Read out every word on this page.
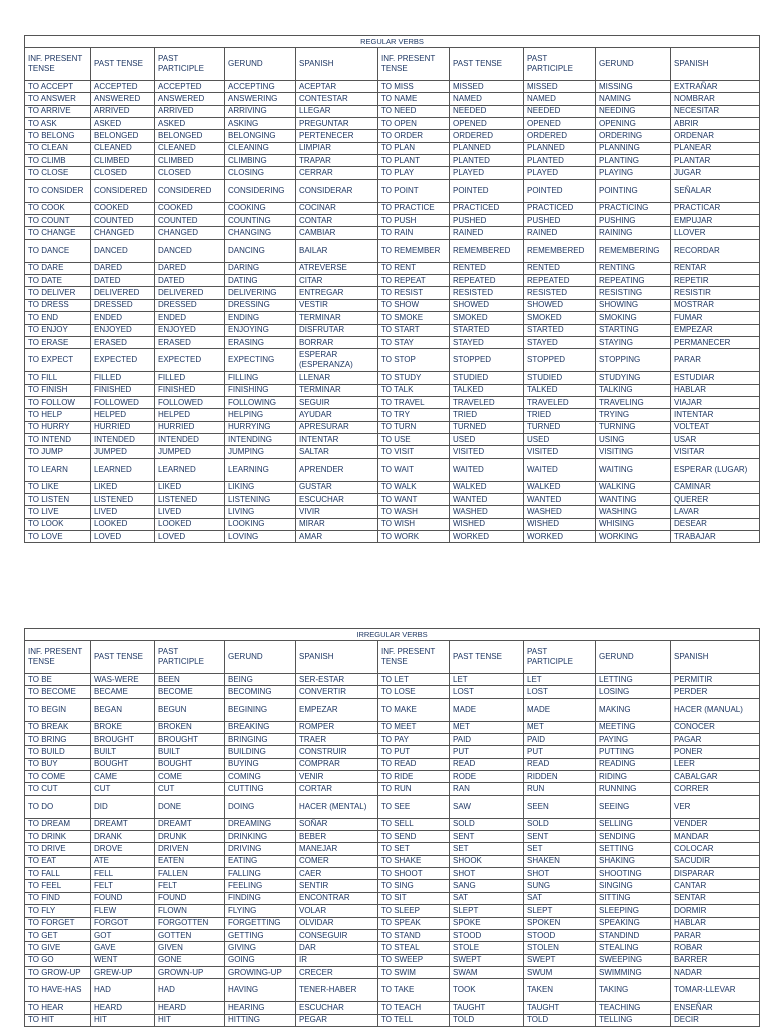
REGULAR VERBS									
INF. PRESENT TENSE	PAST TENSE	PAST PARTICIPLE	GERUND	SPANISH	INF. PRESENT TENSE	PAST TENSE	PAST PARTICIPLE	GERUND	SPANISH
TO ACCEPT	ACCEPTED	ACCEPTED	ACCEPTING	ACEPTAR	TO MISS	MISSED	MISSED	MISSING	EXTRAÑAR
TO ANSWER	ANSWERED	ANSWERED	ANSWERING	CONTESTAR	TO NAME	NAMED	NAMED	NAMING	NOMBRAR
TO ARRIVE	ARRIVED	ARRIVED	ARRIVING	LLEGAR	TO NEED	NEEDED	NEEDED	NEEDING	NECESITAR
TO ASK	ASKED	ASKED	ASKING	PREGUNTAR	TO OPEN	OPENED	OPENED	OPENING	ABRIR
TO BELONG	BELONGED	BELONGED	BELONGING	PERTENECER	TO ORDER	ORDERED	ORDERED	ORDERING	ORDENAR
TO CLEAN	CLEANED	CLEANED	CLEANING	LIMPIAR	TO PLAN	PLANNED	PLANNED	PLANNING	PLANEAR
TO CLIMB	CLIMBED	CLIMBED	CLIMBING	TRAPAR	TO PLANT	PLANTED	PLANTED	PLANTING	PLANTAR
TO CLOSE	CLOSED	CLOSED	CLOSING	CERRAR	TO PLAY	PLAYED	PLAYED	PLAYING	JUGAR
TO CONSIDER	CONSIDERED	CONSIDERED	CONSIDERING	CONSIDERAR	TO POINT	POINTED	POINTED	POINTING	SEÑALAR
TO COOK	COOKED	COOKED	COOKING	COCINAR	TO PRACTICE	PRACTICED	PRACTICED	PRACTICING	PRACTICAR
TO COUNT	COUNTED	COUNTED	COUNTING	CONTAR	TO PUSH	PUSHED	PUSHED	PUSHING	EMPUJAR
TO CHANGE	CHANGED	CHANGED	CHANGING	CAMBIAR	TO RAIN	RAINED	RAINED	RAINING	LLOVER
TO DANCE	DANCED	DANCED	DANCING	BAILAR	TO REMEMBER	REMEMBERED	REMEMBERED	REMEMBERING	RECORDAR
TO DARE	DARED	DARED	DARING	ATREVERSE	TO RENT	RENTED	RENTED	RENTING	RENTAR
TO DATE	DATED	DATED	DATING	CITAR	TO REPEAT	REPEATED	REPEATED	REPEATING	REPETIR
TO DELIVER	DELIVERED	DELIVERED	DELIVERING	ENTREGAR	TO RESIST	RESISTED	RESISTED	RESISTING	RESISTIR
TO DRESS	DRESSED	DRESSED	DRESSING	VESTIR	TO SHOW	SHOWED	SHOWED	SHOWING	MOSTRAR
TO END	ENDED	ENDED	ENDING	TERMINAR	TO SMOKE	SMOKED	SMOKED	SMOKING	FUMAR
TO ENJOY	ENJOYED	ENJOYED	ENJOYING	DISFRUTAR	TO START	STARTED	STARTED	STARTING	EMPEZAR
TO ERASE	ERASED	ERASED	ERASING	BORRAR	TO STAY	STAYED	STAYED	STAYING	PERMANECER
TO EXPECT	EXPECTED	EXPECTED	EXPECTING	ESPERAR (ESPERANZA)	TO STOP	STOPPED	STOPPED	STOPPING	PARAR
TO FILL	FILLED	FILLED	FILLING	LLENAR	TO STUDY	STUDIED	STUDIED	STUDYING	ESTUDIAR
TO FINISH	FINISHED	FINISHED	FINISHING	TERMINAR	TO TALK	TALKED	TALKED	TALKING	HABLAR
TO FOLLOW	FOLLOWED	FOLLOWED	FOLLOWING	SEGUIR	TO TRAVEL	TRAVELED	TRAVELED	TRAVELING	VIAJAR
TO HELP	HELPED	HELPED	HELPING	AYUDAR	TO TRY	TRIED	TRIED	TRYING	INTENTAR
TO HURRY	HURRIED	HURRIED	HURRYING	APRESURAR	TO TURN	TURNED	TURNED	TURNING	VOLTEAT
TO INTEND	INTENDED	INTENDED	INTENDING	INTENTAR	TO USE	USED	USED	USING	USAR
TO JUMP	JUMPED	JUMPED	JUMPING	SALTAR	TO VISIT	VISITED	VISITED	VISITING	VISITAR
TO LEARN	LEARNED	LEARNED	LEARNING	APRENDER	TO WAIT	WAITED	WAITED	WAITING	ESPERAR (LUGAR)
TO LIKE	LIKED	LIKED	LIKING	GUSTAR	TO WALK	WALKED	WALKED	WALKING	CAMINAR
TO LISTEN	LISTENED	LISTENED	LISTENING	ESCUCHAR	TO WANT	WANTED	WANTED	WANTING	QUERER
TO LIVE	LIVED	LIVED	LIVING	VIVIR	TO WASH	WASHED	WASHED	WASHING	LAVAR
TO LOOK	LOOKED	LOOKED	LOOKING	MIRAR	TO WISH	WISHED	WISHED	WHISING	DESEAR
TO LOVE	LOVED	LOVED	LOVING	AMAR	TO WORK	WORKED	WORKED	WORKING	TRABAJAR
IRREGULAR VERBS									
INF. PRESENT TENSE	PAST TENSE	PAST PARTICIPLE	GERUND	SPANISH	INF. PRESENT TENSE	PAST TENSE	PAST PARTICIPLE	GERUND	SPANISH
TO BE	WAS-WERE	BEEN	BEING	SER-ESTAR	TO LET	LET	LET	LETTING	PERMITIR
TO BECOME	BECAME	BECOME	BECOMING	CONVERTIR	TO LOSE	LOST	LOST	LOSING	PERDER
TO BEGIN	BEGAN	BEGUN	BEGINING	EMPEZAR	TO MAKE	MADE	MADE	MAKING	HACER (MANUAL)
TO BREAK	BROKE	BROKEN	BREAKING	ROMPER	TO MEET	MET	MET	MEETING	CONOCER
TO BRING	BROUGHT	BROUGHT	BRINGING	TRAER	TO PAY	PAID	PAID	PAYING	PAGAR
TO BUILD	BUILT	BUILT	BUILDING	CONSTRUIR	TO PUT	PUT	PUT	PUTTING	PONER
TO BUY	BOUGHT	BOUGHT	BUYING	COMPRAR	TO READ	READ	READ	READING	LEER
TO COME	CAME	COME	COMING	VENIR	TO RIDE	RODE	RIDDEN	RIDING	CABALGAR
TO CUT	CUT	CUT	CUTTING	CORTAR	TO RUN	RAN	RUN	RUNNING	CORRER
TO DO	DID	DONE	DOING	HACER (MENTAL)	TO SEE	SAW	SEEN	SEEING	VER
TO DREAM	DREAMT	DREAMT	DREAMING	SOÑAR	TO SELL	SOLD	SOLD	SELLING	VENDER
TO DRINK	DRANK	DRUNK	DRINKING	BEBER	TO SEND	SENT	SENT	SENDING	MANDAR
TO DRIVE	DROVE	DRIVEN	DRIVING	MANEJAR	TO SET	SET	SET	SETTING	COLOCAR
TO EAT	ATE	EATEN	EATING	COMER	TO SHAKE	SHOOK	SHAKEN	SHAKING	SACUDIR
TO FALL	FELL	FALLEN	FALLING	CAER	TO SHOOT	SHOT	SHOT	SHOOTING	DISPARAR
TO FEEL	FELT	FELT	FEELING	SENTIR	TO SING	SANG	SUNG	SINGING	CANTAR
TO FIND	FOUND	FOUND	FINDING	ENCONTRAR	TO SIT	SAT	SAT	SITTING	SENTAR
TO FLY	FLEW	FLOWN	FLYING	VOLAR	TO SLEEP	SLEPT	SLEPT	SLEEPING	DORMIR
TO FORGET	FORGOT	FORGOTTEN	FORGETTING	OLVIDAR	TO SPEAK	SPOKE	SPOKEN	SPEAKING	HABLAR
TO GET	GOT	GOTTEN	GETTING	CONSEGUIR	TO STAND	STOOD	STOOD	STANDIND	PARAR
TO GIVE	GAVE	GIVEN	GIVING	DAR	TO STEAL	STOLE	STOLEN	STEALING	ROBAR
TO GO	WENT	GONE	GOING	IR	TO SWEEP	SWEPT	SWEPT	SWEEPING	BARRER
TO GROW-UP	GREW-UP	GROWN-UP	GROWING-UP	CRECER	TO SWIM	SWAM	SWUM	SWIMMING	NADAR
TO HAVE-HAS	HAD	HAD	HAVING	TENER-HABER	TO TAKE	TOOK	TAKEN	TAKING	TOMAR-LLEVAR
TO HEAR	HEARD	HEARD	HEARING	ESCUCHAR	TO TEACH	TAUGHT	TAUGHT	TEACHING	ENSEÑAR
TO HIT	HIT	HIT	HITTING	PEGAR	TO TELL	TOLD	TOLD	TELLING	DECIR
